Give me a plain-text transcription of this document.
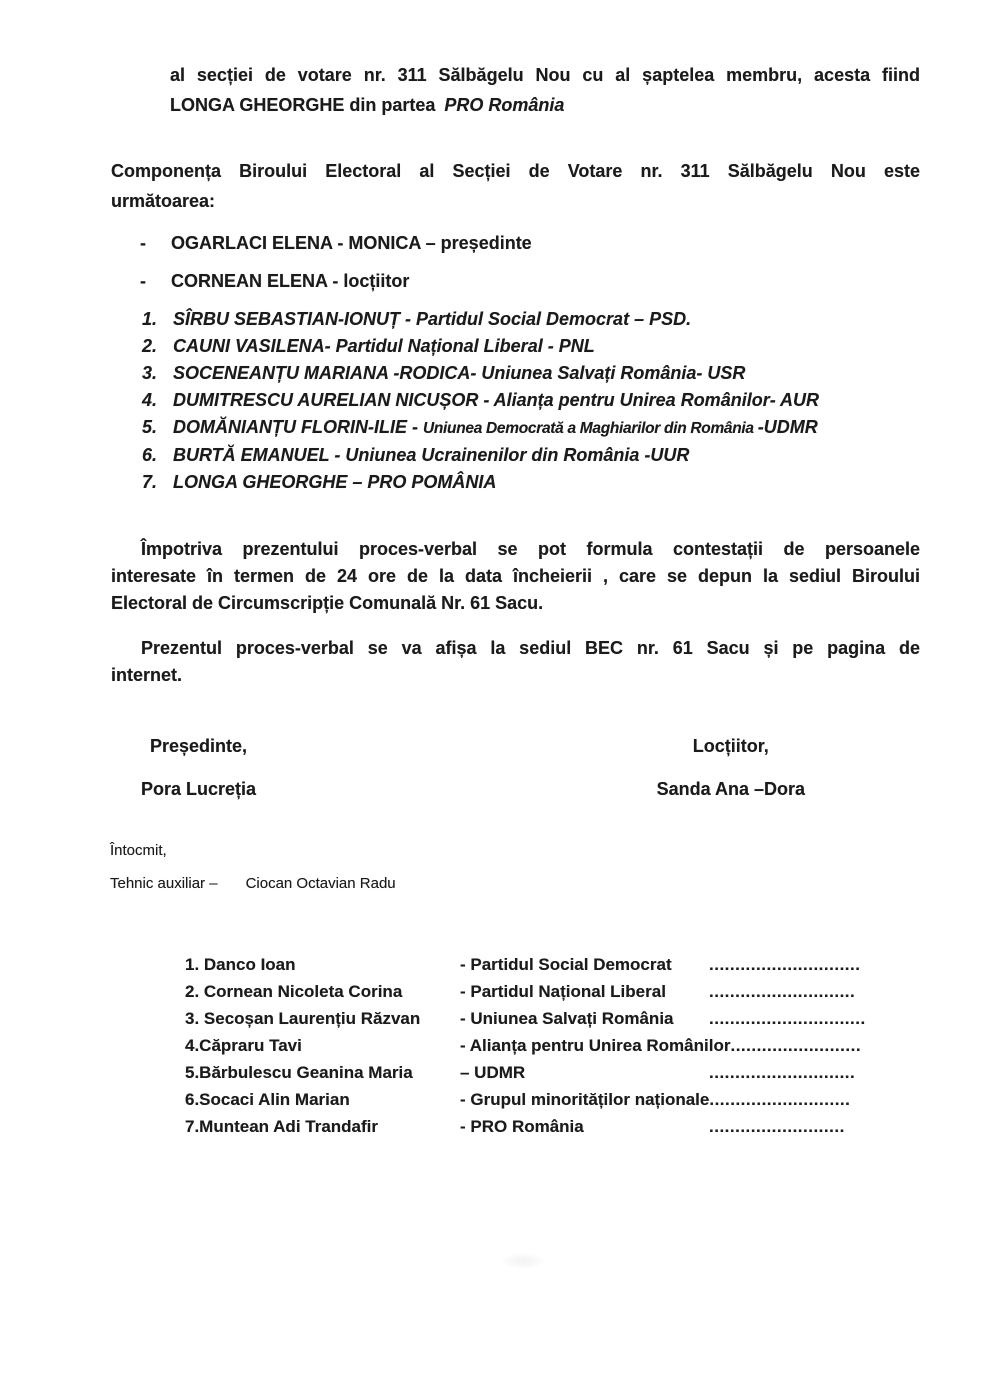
al secției de votare nr. 311 Sălbăgelu Nou cu al șaptelea membru, acesta fiind
LONGA GHEORGHE din partea PRO România
Componența Biroului Electoral al Secției de Votare nr. 311 Sălbăgelu Nou este
următoarea:
- OGARLACI ELENA - MONICA – președinte
- CORNEAN ELENA - locțiitor
1. SÎRBU SEBASTIAN-IONUȚ - Partidul Social Democrat – PSD.
2. CAUNI VASILENA- Partidul Național Liberal - PNL
3. SOCENEANȚU MARIANA -RODICA- Uniunea Salvați România- USR
4. DUMITRESCU AURELIAN NICUȘOR - Alianța pentru Unirea Românilor- AUR
5. DOMĂNIANȚU FLORIN-ILIE - Uniunea Democrată a Maghiarilor din România -UDMR
6. BURTĂ EMANUEL - Uniunea Ucrainenilor din România -UUR
7. LONGA GHEORGHE – PRO POMÂNIA
Împotriva prezentului proces-verbal se pot formula contestații de persoanele
interesate în termen de 24 ore de la data încheierii , care se depun la sediul Biroului
Electoral de Circumscripție Comunală Nr. 61 Sacu.
Prezentul proces-verbal se va afișa la sediul BEC nr. 61 Sacu și pe pagina de
internet.
Președinte,
Pora Lucreția
Locțiitor,
Sanda Ana –Dora
Întocmit,
Tehnic auxiliar – Ciocan Octavian Radu
1. Danco Ioan	- Partidul Social Democrat	.............................
2. Cornean Nicoleta Corina	- Partidul Național Liberal	............................
3. Secoșan Laurențiu Răzvan	- Uniunea Salvați România	..............................
4.Căpraru Tavi	- Alianța pentru Unirea Românilor .........................
5.Bărbulescu Geanina Maria	– UDMR	............................
6.Socaci Alin Marian	- Grupul minorităților naționale ...........................
7.Muntean Adi Trandafir	- PRO România	..........................
